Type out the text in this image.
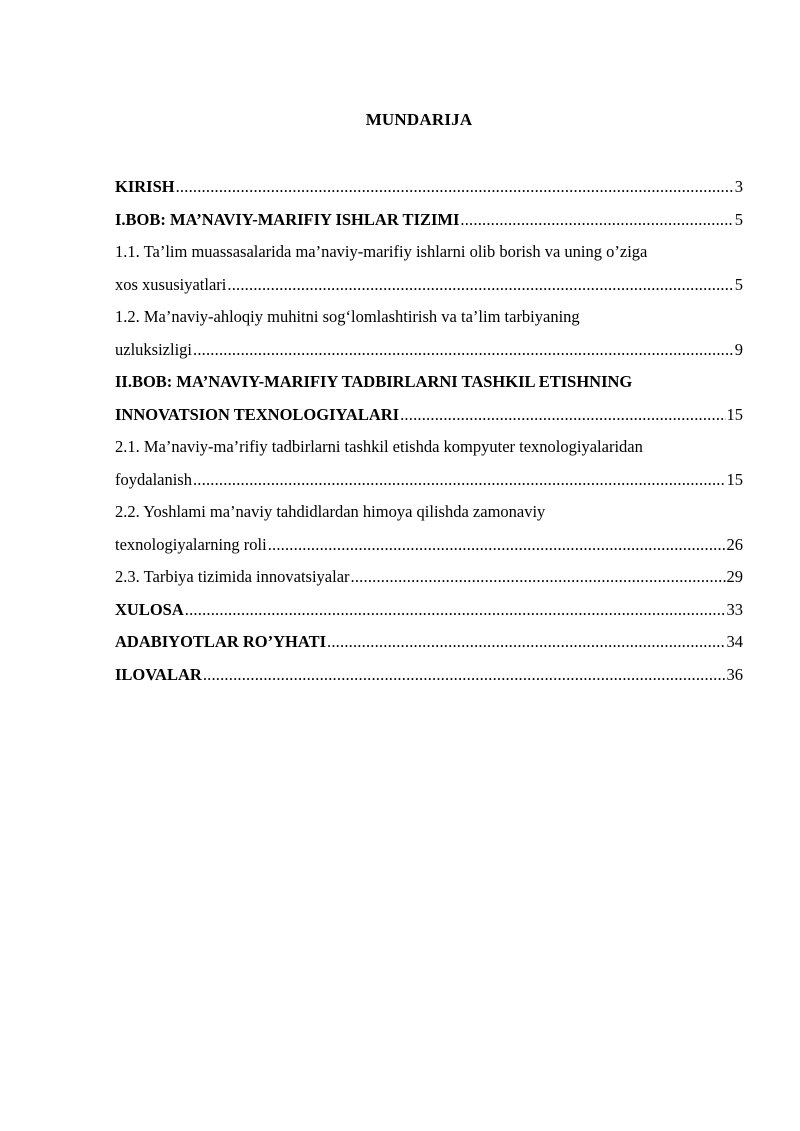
MUNDARIJA
KIRISH .....	3
I.BOB: MA’NAVIY-MARIFIY ISHLAR TIZIMI .....	5
1.1. Ta’lim muassasalarida ma’naviy-marifiy ishlarni olib borish va uning o’ziga
xos xususiyatlari .....	5
1.2. Ma’naviy-ahloqiy muhitni sog‘lomlashtirish va ta’lim tarbiyaning
uzluksizligi .....	9
II.BOB: MA’NAVIY-MARIFIY TADBIRLARNI TASHKIL ETISHNING
INNOVATSION TEXNOLOGIYALARI .....	15
2.1. Ma’naviy-ma’rifiy tadbirlarni tashkil etishda kompyuter texnologiyalaridan
foydalanish .....	15
2.2. Yoshlami ma’naviy tahdidlardan himoya qilishda zamonaviy
texnologiyalarning roli .....	26
2.3. Tarbiya tizimida innovatsiyalar .....	29
XULOSA .....	33
ADABIYOTLAR RO’YHATI .....	34
ILOVALAR .....	36
